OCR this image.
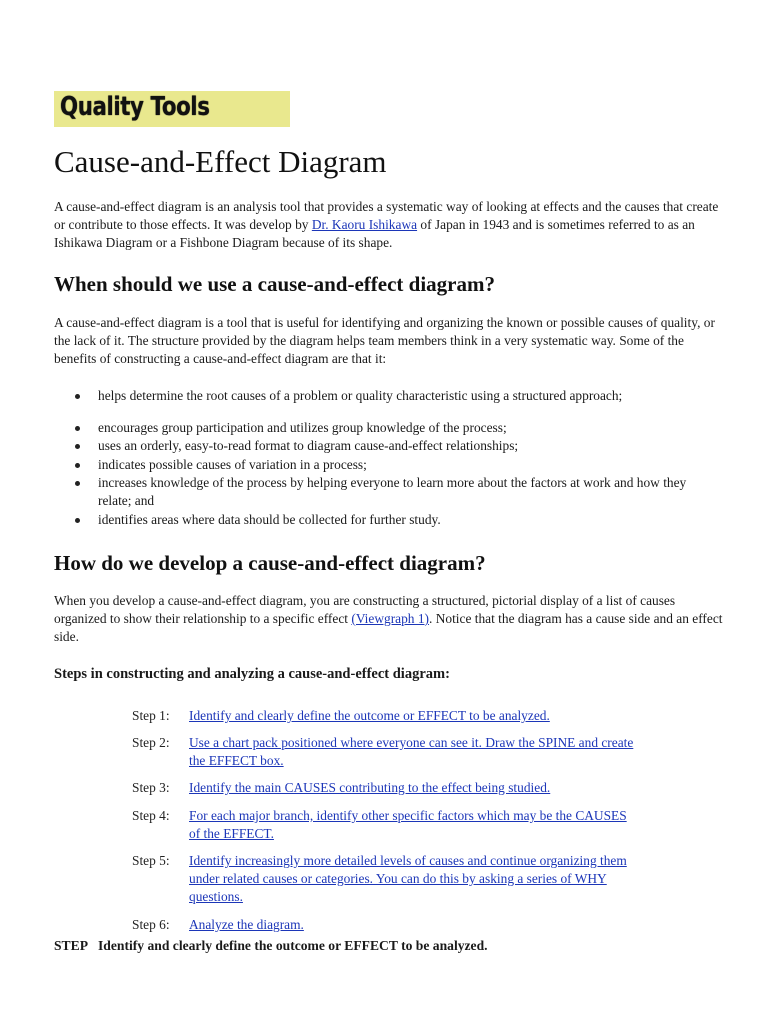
Quality Tools
Cause-and-Effect Diagram

A cause-and-effect diagram is an analysis tool that provides a systematic way of looking at effects and the causes that create or contribute to those effects. It was develop by Dr. Kaoru Ishikawa of Japan in 1943 and is sometimes referred to as an Ishikawa Diagram or a Fishbone Diagram because of its shape.

When should we use a cause-and-effect diagram?

A cause-and-effect diagram is a tool that is useful for identifying and organizing the known or possible causes of quality, or the lack of it. The structure provided by the diagram helps team members think in a very systematic way. Some of the benefits of constructing a cause-and-effect diagram are that it:

helps determine the root causes of a problem or quality characteristic using a structured approach;
encourages group participation and utilizes group knowledge of the process;
uses an orderly, easy-to-read format to diagram cause-and-effect relationships;
indicates possible causes of variation in a process;
increases knowledge of the process by helping everyone to learn more about the factors at work and how they relate; and
identifies areas where data should be collected for further study.
How do we develop a cause-and-effect diagram?

When you develop a cause-and-effect diagram, you are constructing a structured, pictorial display of a list of causes organized to show their relationship to a specific effect (Viewgraph 1). Notice that the diagram has a cause side and an effect side.

Steps in constructing and analyzing a cause-and-effect diagram:

Step 1:	Identify and clearly define the outcome or EFFECT to be analyzed.
Step 2:	Use a chart pack positioned where everyone can see it. Draw the SPINE and create the EFFECT box.
Step 3:	Identify the main CAUSES contributing to the effect being studied.
Step 4:	For each major branch, identify other specific factors which may be the CAUSES of the EFFECT.
Step 5:	Identify increasingly more detailed levels of causes and continue organizing them under related causes or categories. You can do this by asking a series of WHY questions.
Step 6:	Analyze the diagram.

STEP Identify and clearly define the outcome or EFFECT to be analyzed.
